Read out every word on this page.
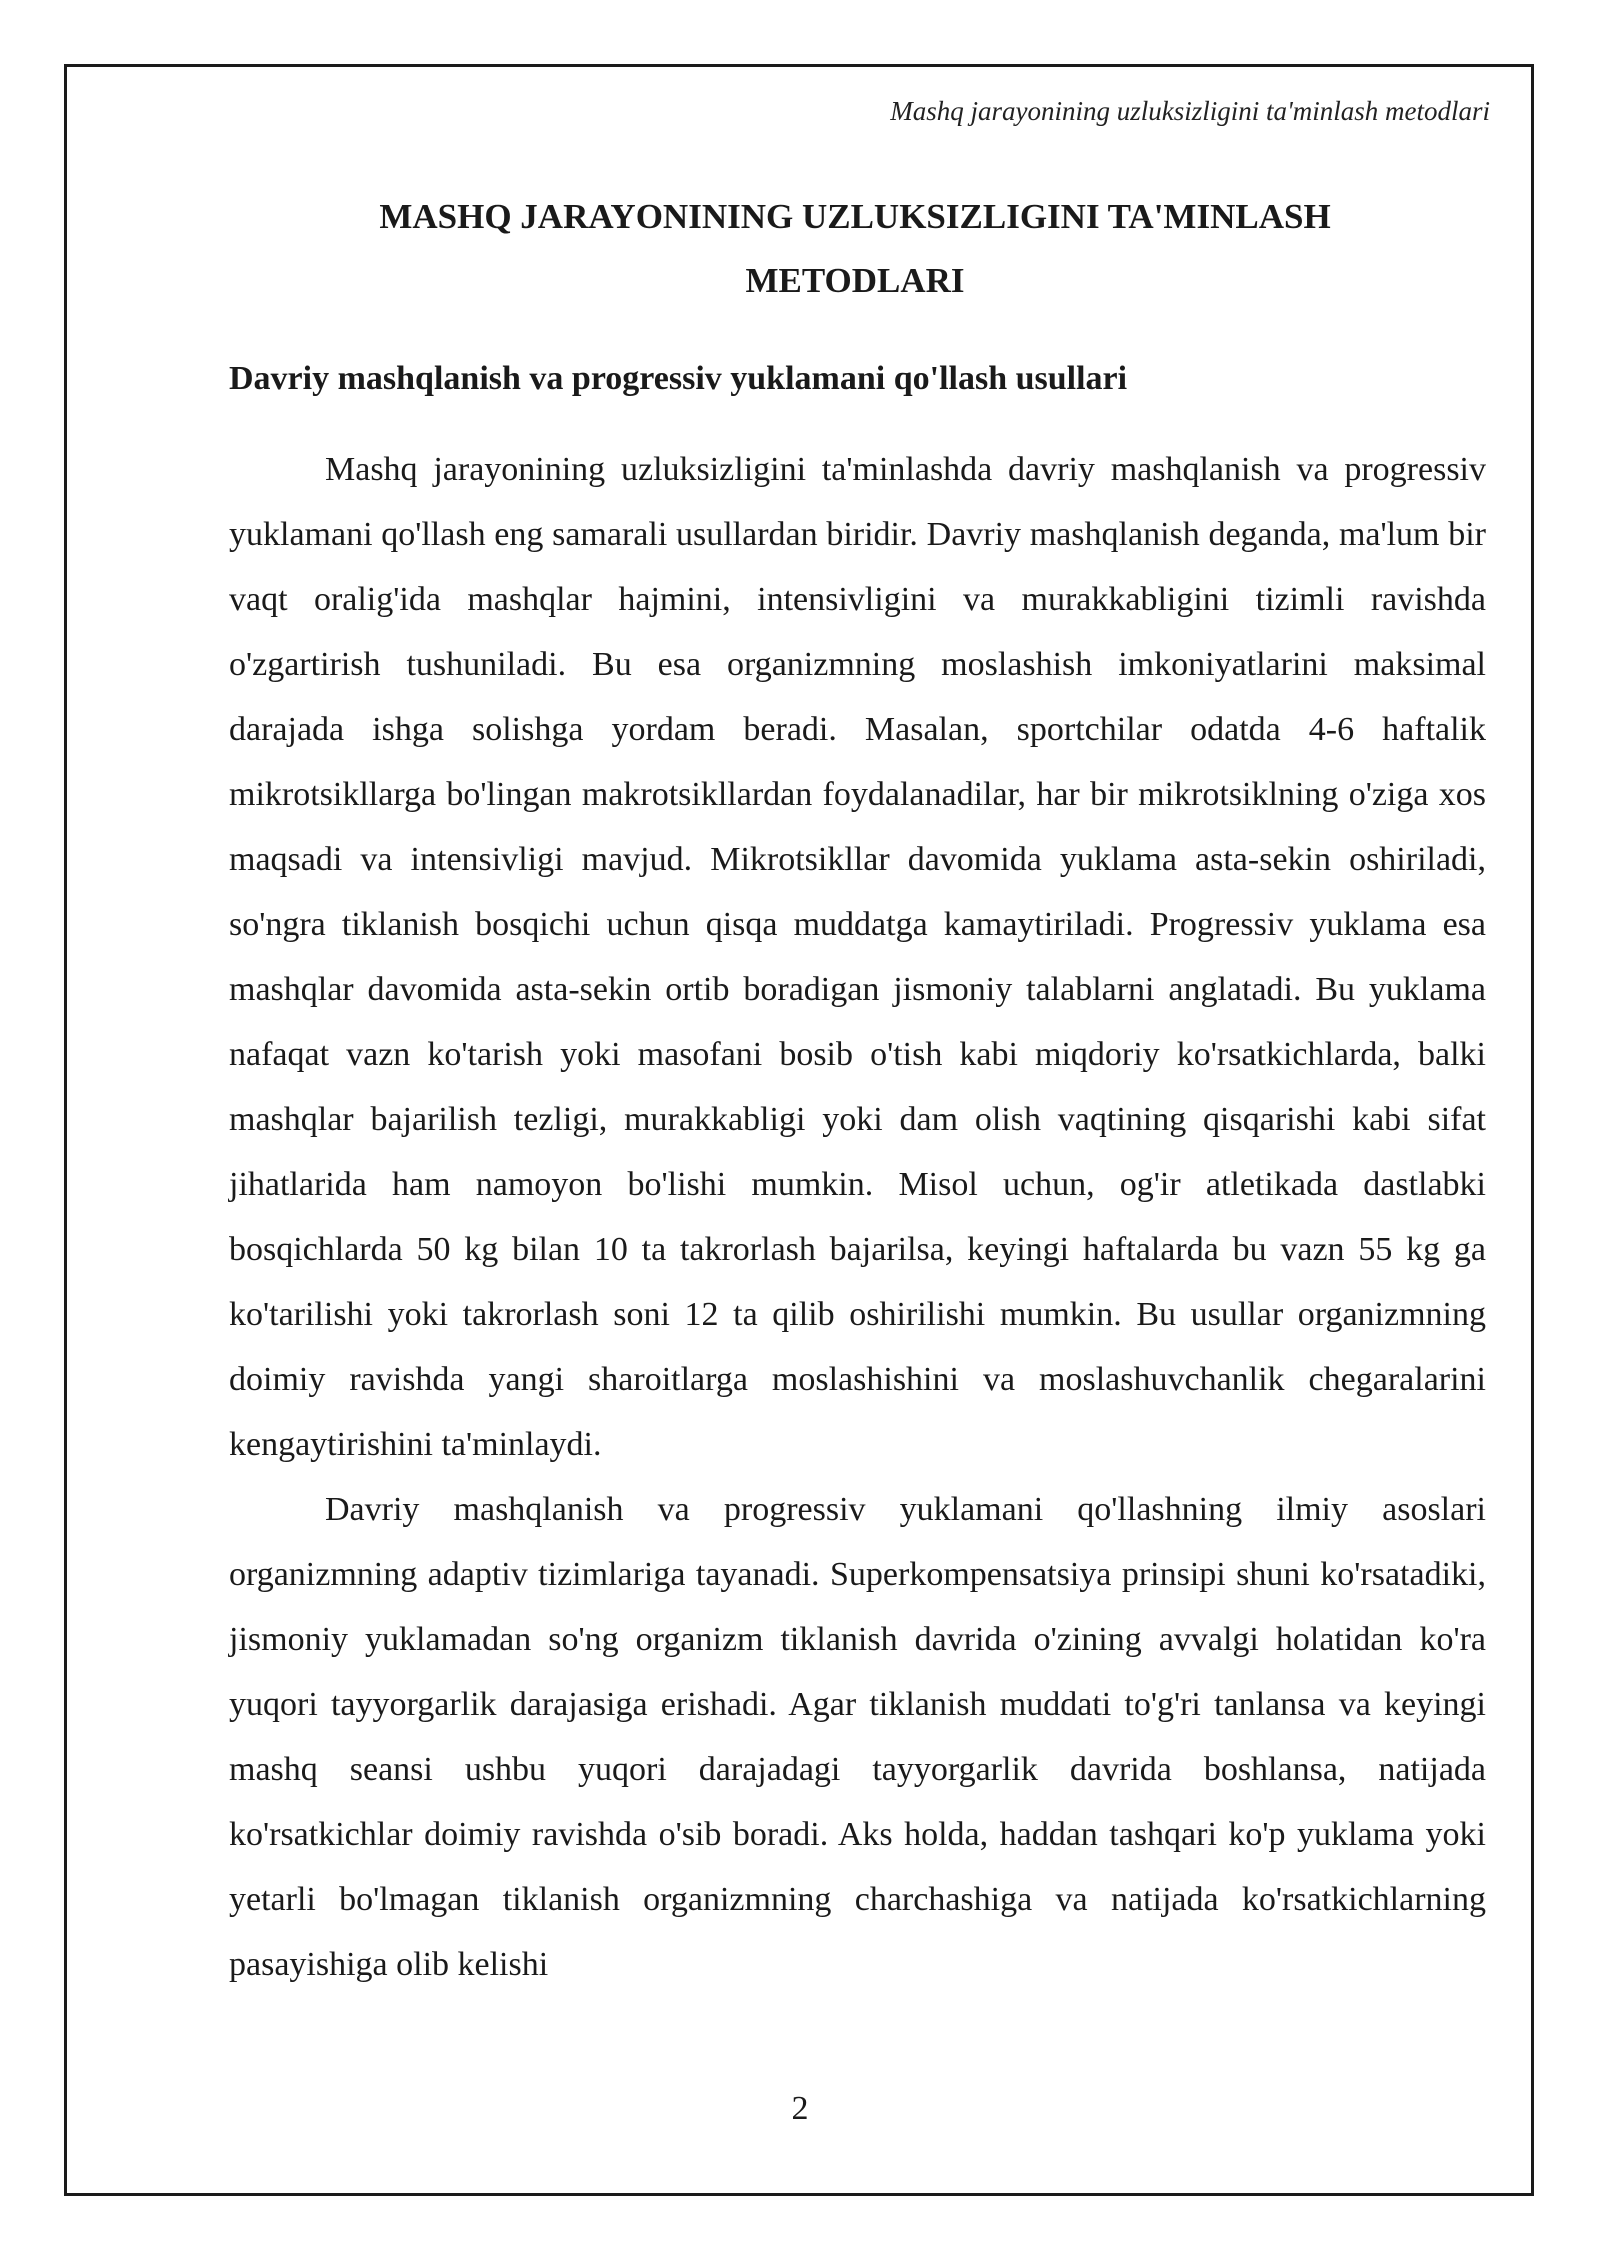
Mashq jarayonining uzluksizligini ta'minlash metodlari
MASHQ JARAYONINING UZLUKSIZLIGINI TA'MINLASH
METODLARI
Davriy mashqlanish va progressiv yuklamani qo'llash usullari

Mashq jarayonining uzluksizligini ta'minlashda davriy mashqlanish va progressiv yuklamani qo'llash eng samarali usullardan biridir. Davriy mashqlanish deganda, ma'lum bir vaqt oralig'ida mashqlar hajmini, intensivligini va murakkabligini tizimli ravishda o'zgartirish tushuniladi. Bu esa organizmning moslashish imkoniyatlarini maksimal darajada ishga solishga yordam beradi. Masalan, sportchilar odatda 4-6 haftalik mikrotsikllarga bo'lingan makrotsikllardan foydalanadilar, har bir mikrotsiklning o'ziga xos maqsadi va intensivligi mavjud. Mikrotsikllar davomida yuklama asta-sekin oshiriladi, so'ngra tiklanish bosqichi uchun qisqa muddatga kamaytiriladi. Progressiv yuklama esa mashqlar davomida asta-sekin ortib boradigan jismoniy talablarni anglatadi. Bu yuklama nafaqat vazn ko'tarish yoki masofani bosib o'tish kabi miqdoriy ko'rsatkichlarda, balki mashqlar bajarilish tezligi, murakkabligi yoki dam olish vaqtining qisqarishi kabi sifat jihatlarida ham namoyon bo'lishi mumkin. Misol uchun, og'ir atletikada dastlabki bosqichlarda 50 kg bilan 10 ta takrorlash bajarilsa, keyingi haftalarda bu vazn 55 kg ga ko'tarilishi yoki takrorlash soni 12 ta qilib oshirilishi mumkin. Bu usullar organizmning doimiy ravishda yangi sharoitlarga moslashishini va moslashuvchanlik chegaralarini kengaytirishini ta'minlaydi.

Davriy mashqlanish va progressiv yuklamani qo'llashning ilmiy asoslari organizmning adaptiv tizimlariga tayanadi. Superkompensatsiya prinsipi shuni ko'rsatadiki, jismoniy yuklamadan so'ng organizm tiklanish davrida o'zining avvalgi holatidan ko'ra yuqori tayyorgarlik darajasiga erishadi. Agar tiklanish muddati to'g'ri tanlansa va keyingi mashq seansi ushbu yuqori darajadagi tayyorgarlik davrida boshlansa, natijada ko'rsatkichlar doimiy ravishda o'sib boradi. Aks holda, haddan tashqari ko'p yuklama yoki yetarli bo'lmagan tiklanish organizmning charchashiga va natijada ko'rsatkichlarning pasayishiga olib kelishi

2
